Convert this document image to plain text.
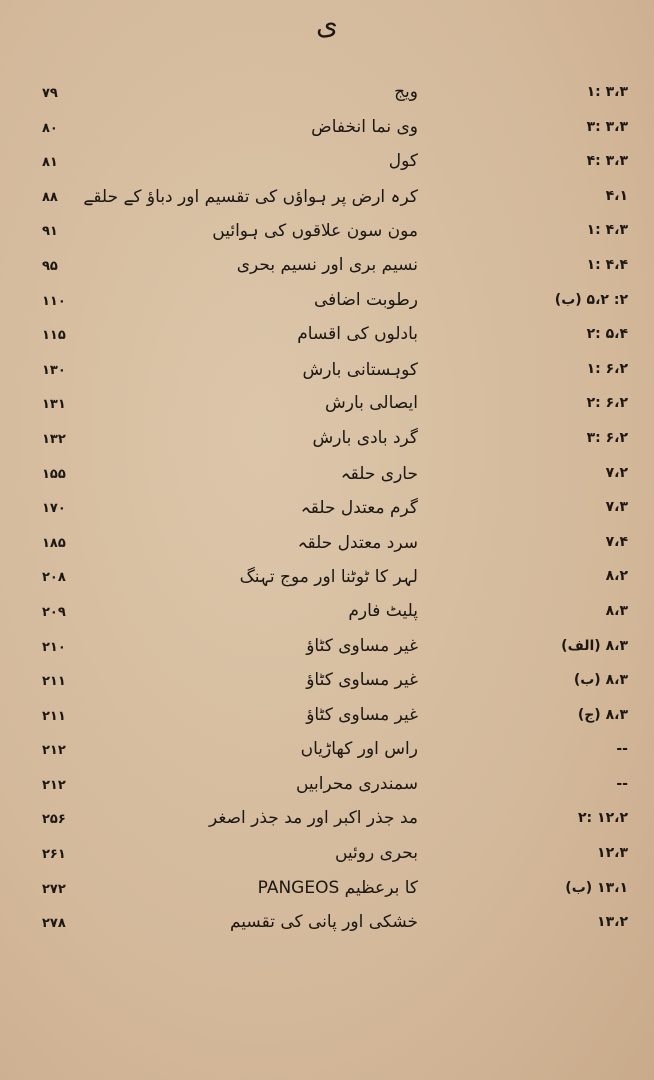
ی
۱: ۳،۳
ویج
۷۹
۳: ۳،۳
وی نما انخفاض
۸۰
۴: ۳،۳
کول
۸۱
۴،۱
کرہ ارض پر ہواؤں کی تقسیم اور دباؤ کے حلقے
۸۸
۱: ۴،۳
مون سون علاقوں کی ہوائیں
۹۱
۱: ۴،۴
نسیم بری اور نسیم بحری
۹۵
۲: ۵،۲ (ب)
رطوبت اضافی
۱۱۰
۲: ۵،۴
بادلوں کی اقسام
۱۱۵
۱: ۶،۲
کوہستانی بارش
۱۳۰
۲: ۶،۲
ایصالی بارش
۱۳۱
۳: ۶،۲
گرد بادی بارش
۱۳۲
۷،۲
حاری حلقہ
۱۵۵
۷،۳
گرم معتدل حلقہ
۱۷۰
۷،۴
سرد معتدل حلقہ
۱۸۵
۸،۲
لہر کا ٹوٹنا اور موج تہنگ
۲۰۸
۸،۳
پلیٹ فارم
۲۰۹
۸،۳ (الف)
غیر مساوی کٹاؤ
۲۱۰
۸،۳ (ب)
غیر مساوی کٹاؤ
۲۱۱
۸،۳ (ج)
غیر مساوی کٹاؤ
۲۱۱
--
راس اور کھاڑیاں
۲۱۲
--
سمندری محرابیں
۲۱۲
۲: ۱۲،۲
مد جذر اکبر اور مد جذر اصغر
۲۵۶
۱۲،۳
بحری روئیں
۲۶۱
۱۳،۱ (ب)
PANGEOS کا برعظیم
۲۷۲
۱۳،۲
خشکی اور پانی کی تقسیم
۲۷۸
